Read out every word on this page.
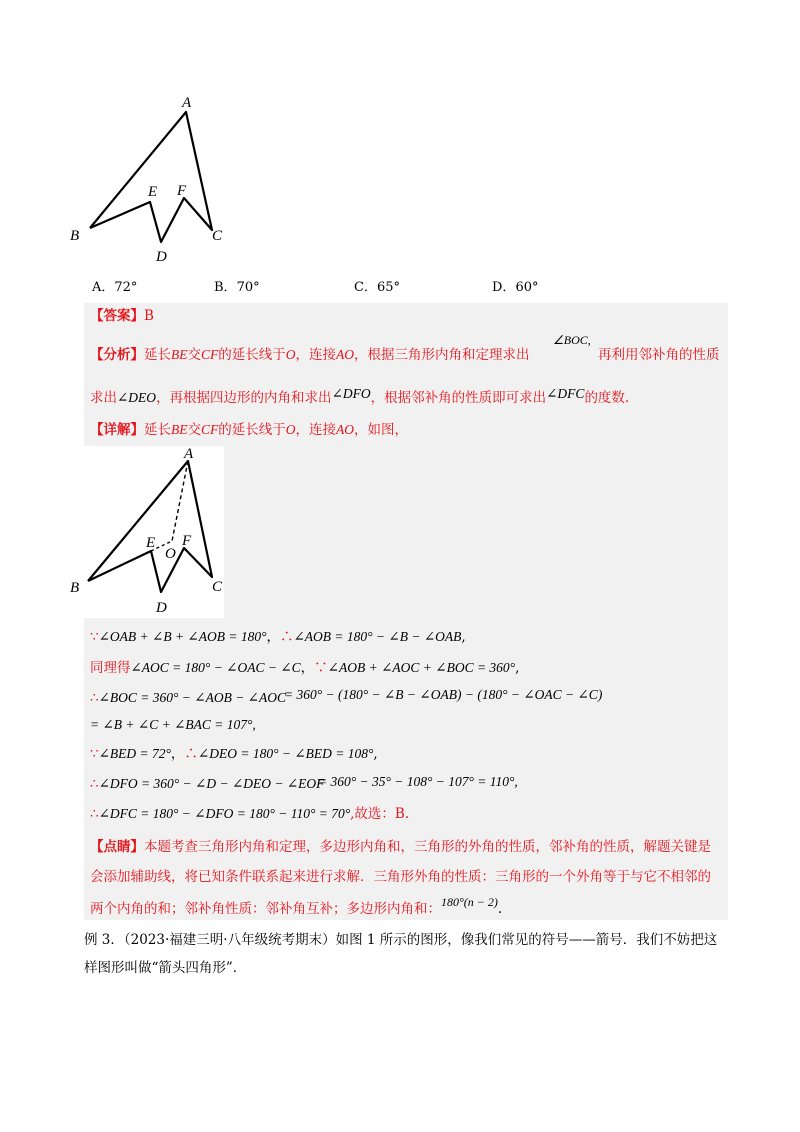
A
B	C
D
E F
A．72°	B．70°	C．65°	D．60°
【答案】B
【分析】延长BE交CF的延长线于O，连接AO，根据三角形内角和定理求出
∠BOC,
再利用邻补角的性质
求出∠DEO，再根据四边形的内角和求出∠DFO，根据邻补角的性质即可求出∠DFC的度数.
【详解】延长BE交CF的延长线于O，连接AO，如图，
A
B	C
D
E F
O
∵∠OAB + ∠B + ∠AOB = 180°，∴∠AOB = 180° − ∠B − ∠OAB,
同理得∠AOC = 180° − ∠OAC − ∠C，∵∠AOB + ∠AOC + ∠BOC = 360°,
∴∠BOC = 360° − ∠AOB − ∠AOC
= 360° − (180° − ∠B − ∠OAB) − (180° − ∠OAC − ∠C)
= ∠B + ∠C + ∠BAC = 107°,
∵∠BED = 72°，∴∠DEO = 180° − ∠BED = 108°,
∴∠DFO = 360° − ∠D − ∠DEO − ∠EOF
= 360° − 35° − 108° − 107° = 110°,
∴∠DFC = 180° − ∠DFO = 180° − 110° = 70°,故选：B.
【点睛】本题考查三角形内角和定理，多边形内角和，三角形的外角的性质，邻补角的性质，解题关键是
会添加辅助线，将已知条件联系起来进行求解．三角形外角的性质：三角形的一个外角等于与它不相邻的
两个内角的和；邻补角性质：邻补角互补；多边形内角和：180°(n − 2).
例 3．（2023·福建三明·八年级统考期末）如图 1 所示的图形，像我们常见的符号——箭号．我们不妨把这
样图形叫做“箭头四角形”．
